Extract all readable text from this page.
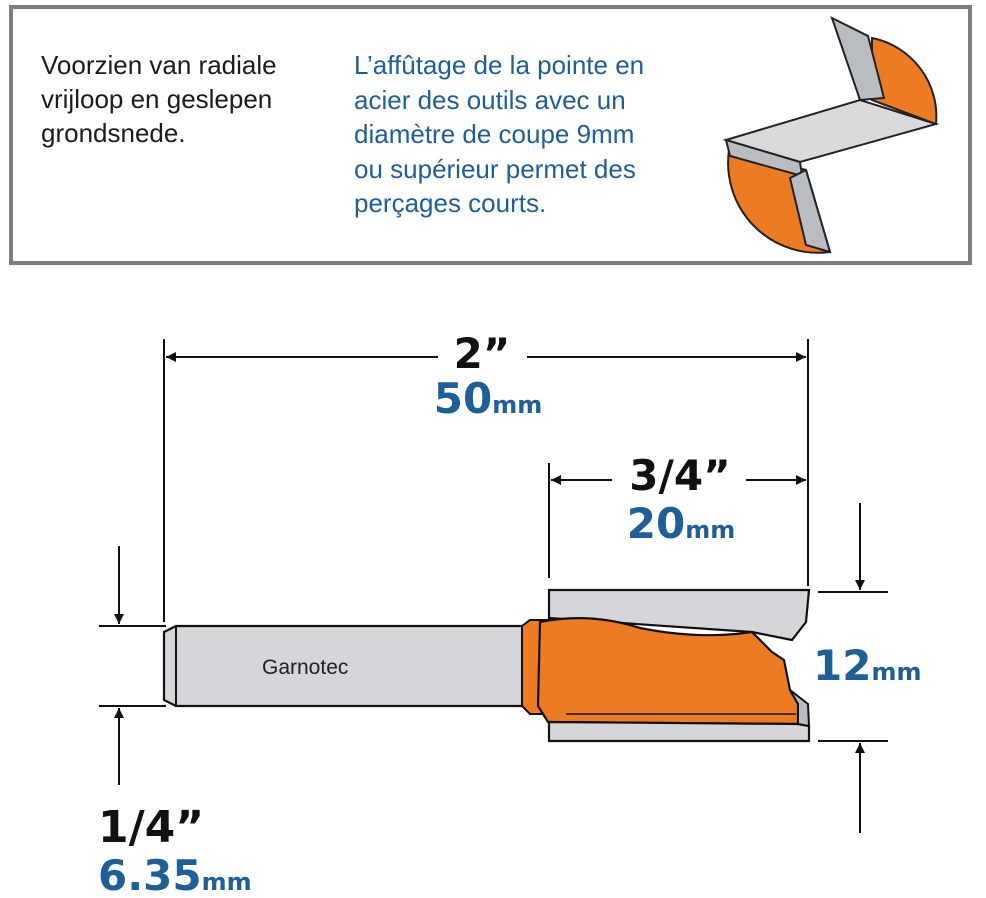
Voorzien van radiale
vrijloop en geslepen
grondsnede.
L’affûtage de la pointe en
acier des outils avec un
diamètre de coupe 9mm
ou supérieur permet des
perçages courts.
Garnotec
2”
50mm
3/4”
20mm
12mm
1/4”
6.35mm
